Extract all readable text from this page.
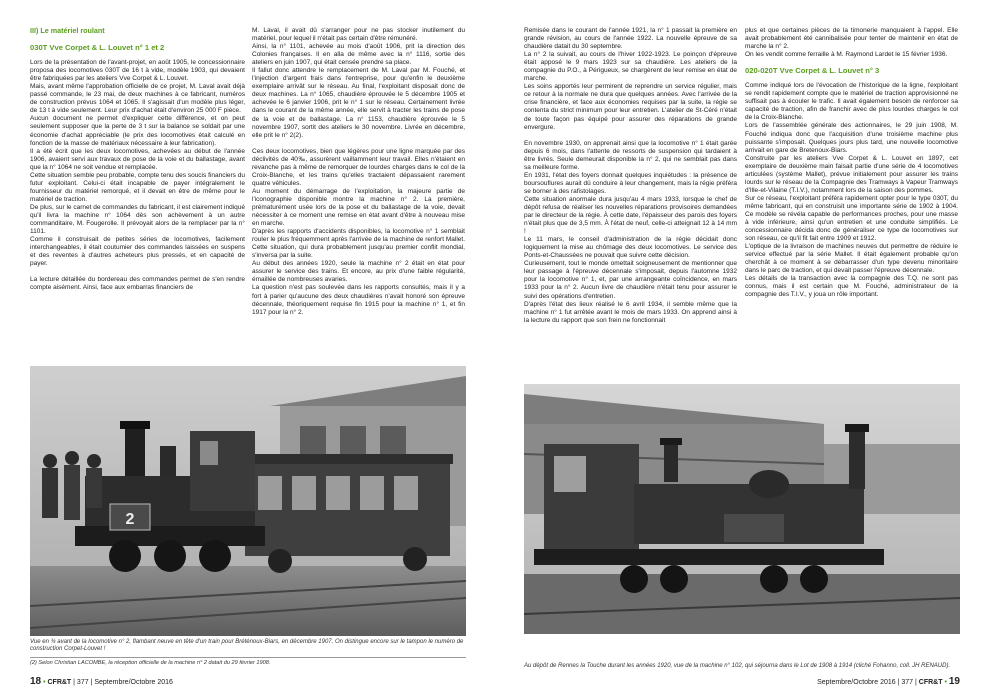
III) Le matériel roulant

030T Vve Corpet & L. Louvet n° 1 et 2

Lors de la présentation de l'avant-projet, en août 1905, le concessionnaire proposa des locomotives 030T de 16 t à vide, modèle 1903, qui devaient être fabriquées par les ateliers Vve Corpet & L. Louvet.

Mais, avant même l'approbation officielle de ce projet, M. Laval avait déjà passé commande, le 23 mai, de deux machines à ce fabricant, numéros de construction prévus 1064 et 1065. Il s'agissait d'un modèle plus léger, de 13 t à vide seulement. Leur prix d'achat était d'environ 25 000 F pièce.

Aucun document ne permet d'expliquer cette différence, et on peut seulement supposer que la perte de 3 t sur la balance se soldait par une économie d'achat appréciable (le prix des locomotives était calculé en fonction de la masse de matériaux nécessaire à leur fabrication).

Il a été écrit que les deux locomotives, achevées au début de l'année 1906, avaient servi aux travaux de pose de la voie et du ballastage, avant que la n° 1064 ne soit vendue et remplacée.

Cette situation semble peu probable, compte tenu des soucis financiers du futur exploitant. Celui-ci était incapable de payer intégralement le fournisseur du matériel remorqué, et il devait en être de même pour le matériel de traction.

De plus, sur le carnet de commandes du fabricant, il est clairement indiqué qu'il livra la machine n° 1064 dès son achèvement à un autre commanditaire, M. Fougerolle. Il prévoyait alors de la remplacer par la n° 1101.

Comme il construisait de petites séries de locomotives, facilement interchangeables, il était coutumier des commandes laissées en suspens et des reventes à d'autres acheteurs plus pressés, et en capacité de payer.

La lecture détaillée du bordereau des commandes permet de s'en rendre compte aisément. Ainsi, face aux embarras financiers de

M. Laval, il avait dû s'arranger pour ne pas stocker inutilement du matériel, pour lequel il n'était pas certain d'être rémunéré.

Ainsi, la n° 1101, achevée au mois d'août 1906, prit la direction des Colonies françaises. Il en alla de même avec la n° 1116, sortie des ateliers en juin 1907, qui était censée prendre sa place.

Il fallut donc attendre le remplacement de M. Laval par M. Fouché, et l'injection d'argent frais dans l'entreprise, pour qu'enfin le deuxième exemplaire arrivât sur le réseau. Au final, l'exploitant disposait donc de deux machines. La n° 1065, chaudière éprouvée le 5 décembre 1905 et achevée le 6 janvier 1906, prit le n° 1 sur le réseau. Certainement livrée dans le courant de la même année, elle servit à tracter les trains de pose de la voie et de ballastage. La n° 1153, chaudière éprouvée le 5 novembre 1907, sortit des ateliers le 30 novembre. Livrée en décembre, elle prit le n° 2(2).

Ces deux locomotives, bien que légères pour une ligne marquée par des déclivités de 40‰, assurèrent vaillamment leur travail. Elles n'étaient en revanche pas à même de remorquer de lourdes charges dans le col de la Croix-Blanche, et les trains qu'elles tractaient dépassaient rarement quatre véhicules.

Au moment du démarrage de l'exploitation, la majeure partie de l'iconographie disponible montre la machine n° 2. La première, prématurément usée lors de la pose et du ballastage de la voie, devait nécessiter à ce moment une remise en état avant d'être à nouveau mise en marche.

D'après les rapports d'accidents disponibles, la locomotive n° 1 semblait rouler le plus fréquemment après l'arrivée de la machine de renfort Mallet. Cette situation, qui dura probablement jusqu'au premier conflit mondial, s'inversa par la suite.

Au début des années 1920, seule la machine n° 2 était en état pour assurer le service des trains. Et encore, au prix d'une faible régularité, émaillée de nombreuses avaries.

La question n'est pas soulevée dans les rapports consultés, mais il y a fort à parier qu'aucune des deux chaudières n'avait honoré son épreuve décennale, théoriquement requise fin 1915 pour la machine n° 1, et fin 1917 pour la n° 2.

2
Vue en ¾ avant de la locomotive n° 2, flambant neuve en tête d'un train pour Bréténoux-Biars, en décembre 1907. On distingue encore sur le tampon le numéro de construction Corpet-Louvet !
(2) Selon Christian LACOMBE, la réception officielle de la machine n° 2 datait du 29 février 1908.

Remisée dans le courant de l'année 1921, la n° 1 passait la première en grande révision, au cours de l'année 1922. La nouvelle épreuve de sa chaudière datait du 30 septembre.

La n° 2 la suivait, au cours de l'hiver 1922-1923. Le poinçon d'épreuve était apposé le 9 mars 1923 sur sa chaudière. Les ateliers de la compagnie du P.O., à Périgueux, se chargèrent de leur remise en état de marche.

Les soins apportés leur permirent de reprendre un service régulier, mais ce retour à la normale ne dura que quelques années. Avec l'arrivée de la crise financière, et face aux économies requises par la suite, la régie se contenta du strict minimum pour leur entretien. L'atelier de St-Céré n'était de toute façon pas équipé pour assurer des réparations de grande envergure.

En novembre 1930, on apprenait ainsi que la locomotive n° 1 était garée depuis 6 mois, dans l'attente de ressorts de suspension qui tardaient à être livrés. Seule demeurait disponible la n° 2, qui ne semblait pas dans sa meilleure forme.

En 1931, l'état des foyers donnait quelques inquiétudes : la présence de boursouflures aurait dû conduire à leur changement, mais la régie préféra se borner à des rafistolages.

Cette situation anormale dura jusqu'au 4 mars 1933, lorsque le chef de dépôt refusa de réaliser les nouvelles réparations provisoires demandées par le directeur de la régie. À cette date, l'épaisseur des parois des foyers n'était plus que de 3,5 mm. À l'état de neuf, celle-ci atteignait 12 à 14 mm !

Le 11 mars, le conseil d'administration de la régie décidait donc logiquement la mise au chômage des deux locomotives. Le service des Ponts-et-Chaussées ne pouvait que suivre cette décision.

Curieusement, tout le monde omettait soigneusement de mentionner que leur passage à l'épreuve décennale s'imposait, depuis l'automne 1932 pour la locomotive n° 1, et, par une arrangeante coïncidence, en mars 1933 pour la n° 2. Aucun livre de chaudière n'était tenu pour assurer le suivi des opérations d'entretien.

D'après l'état des lieux réalisé le 6 avril 1934, il semble même que la machine n° 1 fut arrêtée avant le mois de mars 1933. On apprend ainsi à la lecture du rapport que son frein ne fonctionnait

plus et que certaines pièces de la timonerie manquaient à l'appel. Elle avait probablement été cannibalisée pour tenter de maintenir en état de marche la n° 2.

On les vendit comme ferraille à M. Raymond Lardet le 15 février 1936.

020-020T Vve Corpet & L. Louvet n° 3

Comme indiqué lors de l'évocation de l'historique de la ligne, l'exploitant se rendit rapidement compte que le matériel de traction approvisionné ne suffisait pas à écouler le trafic. Il avait également besoin de renforcer sa capacité de traction, afin de franchir avec de plus lourdes charges le col de la Croix-Blanche.

Lors de l'assemblée générale des actionnaires, le 29 juin 1908, M. Fouché indiqua donc que l'acquisition d'une troisième machine plus puissante s'imposait. Quelques jours plus tard, une nouvelle locomotive arrivait en gare de Bretenoux-Biars.

Construite par les ateliers Vve Corpet & L. Louvet en 1897, cet exemplaire de deuxième main faisait partie d'une série de 4 locomotives articulées (système Mallet), prévue initialement pour assurer les trains lourds sur le réseau de la Compagnie des Tramways à Vapeur Tramways d'Ille-et-Vilaine (T.I.V.), notamment lors de la saison des pommes.

Sur ce réseau, l'exploitant préféra rapidement opter pour le type 030T, du même fabricant, qui en construisit une importante série de 1902 à 1904. Ce modèle se révéla capable de performances proches, pour une masse à vide inférieure, ainsi qu'un entretien et une conduite simplifiés. Le concessionnaire décida donc de généraliser ce type de locomotives sur son réseau, ce qu'il fit fait entre 1909 et 1912.

L'optique de la livraison de machines neuves dut permettre de réduire le service effectué par la série Mallet. Il était également probable qu'on cherchât à ce moment à se débarrasser d'un type devenu minoritaire dans le parc de traction, et qui devait passer l'épreuve décennale.

Les détails de la transaction avec la compagnie des T.Q. ne sont pas connus, mais il est certain que M. Fouché, administrateur de la compagnie des T.I.V., y joua un rôle important.

Au dépôt de Rennes la Touche durant les années 1920, vue de la machine n° 102, qui séjourna dans le Lot de 1908 à 1914 (cliché Fohanno, coll. JH RENAUD).
18 • CFR&T | 377 | Septembre/Octobre 2016	Septembre/Octobre 2016 | 377 | CFR&T • 19
